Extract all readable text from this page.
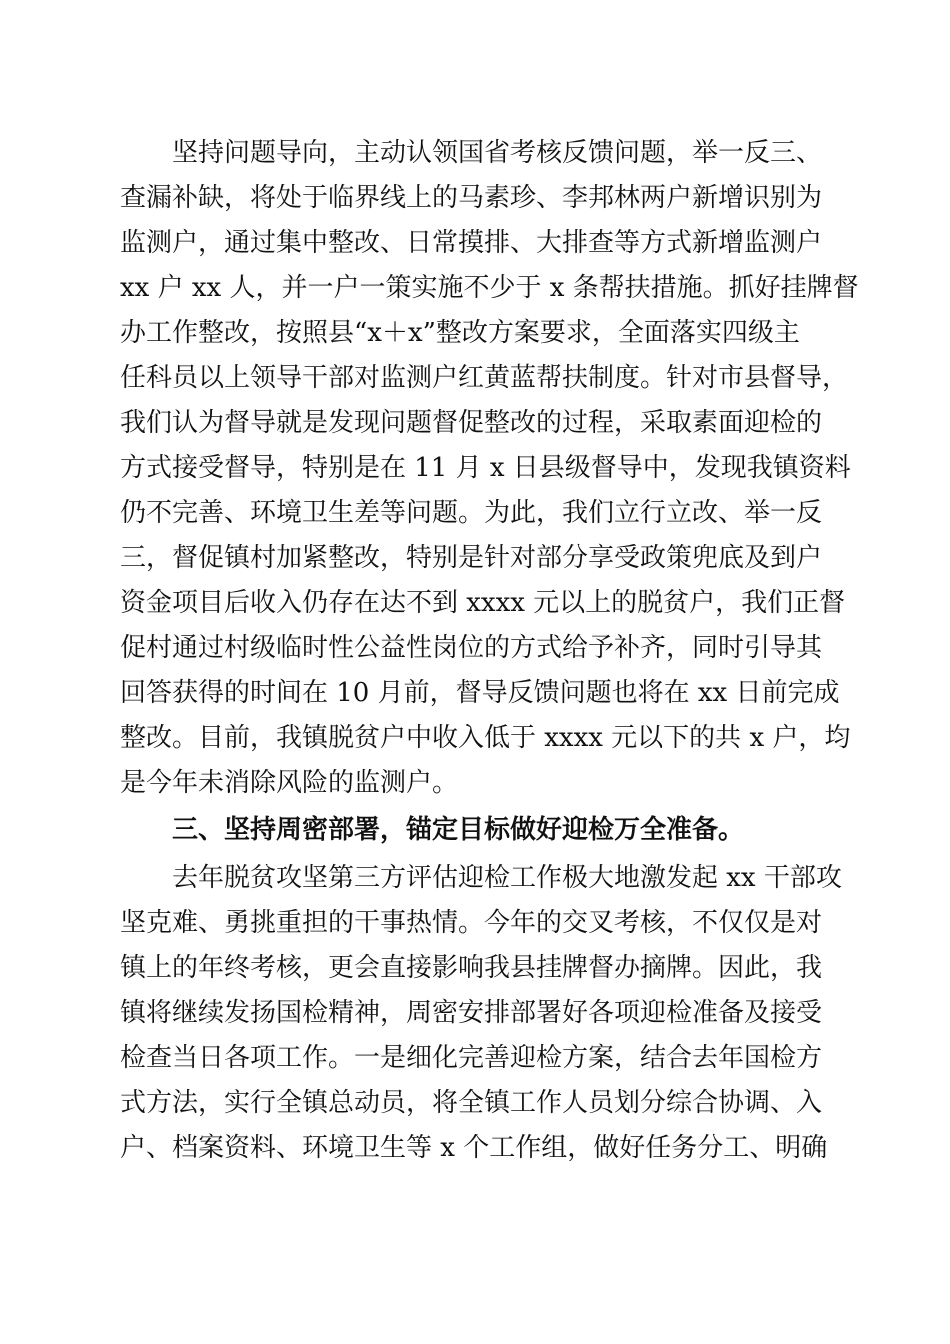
坚持问题导向，主动认领国省考核反馈问题，举一反三、
查漏补缺，将处于临界线上的马素珍、李邦林两户新增识别为
监测户，通过集中整改、日常摸排、大排查等方式新增监测户
xx 户 xx 人，并一户一策实施不少于 x 条帮扶措施。抓好挂牌督
办工作整改，按照县“x＋x”整改方案要求，全面落实四级主
任科员以上领导干部对监测户红黄蓝帮扶制度。针对市县督导，
我们认为督导就是发现问题督促整改的过程，采取素面迎检的
方式接受督导，特别是在 11 月 x 日县级督导中，发现我镇资料
仍不完善、环境卫生差等问题。为此，我们立行立改、举一反
三，督促镇村加紧整改，特别是针对部分享受政策兜底及到户
资金项目后收入仍存在达不到 xxxx 元以上的脱贫户，我们正督
促村通过村级临时性公益性岗位的方式给予补齐，同时引导其
回答获得的时间在 10 月前，督导反馈问题也将在 xx 日前完成
整改。目前，我镇脱贫户中收入低于 xxxx 元以下的共 x 户，均
是今年未消除风险的监测户。
三、坚持周密部署，锚定目标做好迎检万全准备。
去年脱贫攻坚第三方评估迎检工作极大地激发起 xx 干部攻
坚克难、勇挑重担的干事热情。今年的交叉考核，不仅仅是对
镇上的年终考核，更会直接影响我县挂牌督办摘牌。因此，我
镇将继续发扬国检精神，周密安排部署好各项迎检准备及接受
检查当日各项工作。一是细化完善迎检方案，结合去年国检方
式方法，实行全镇总动员，将全镇工作人员划分综合协调、入
户、档案资料、环境卫生等 x 个工作组，做好任务分工、明确
